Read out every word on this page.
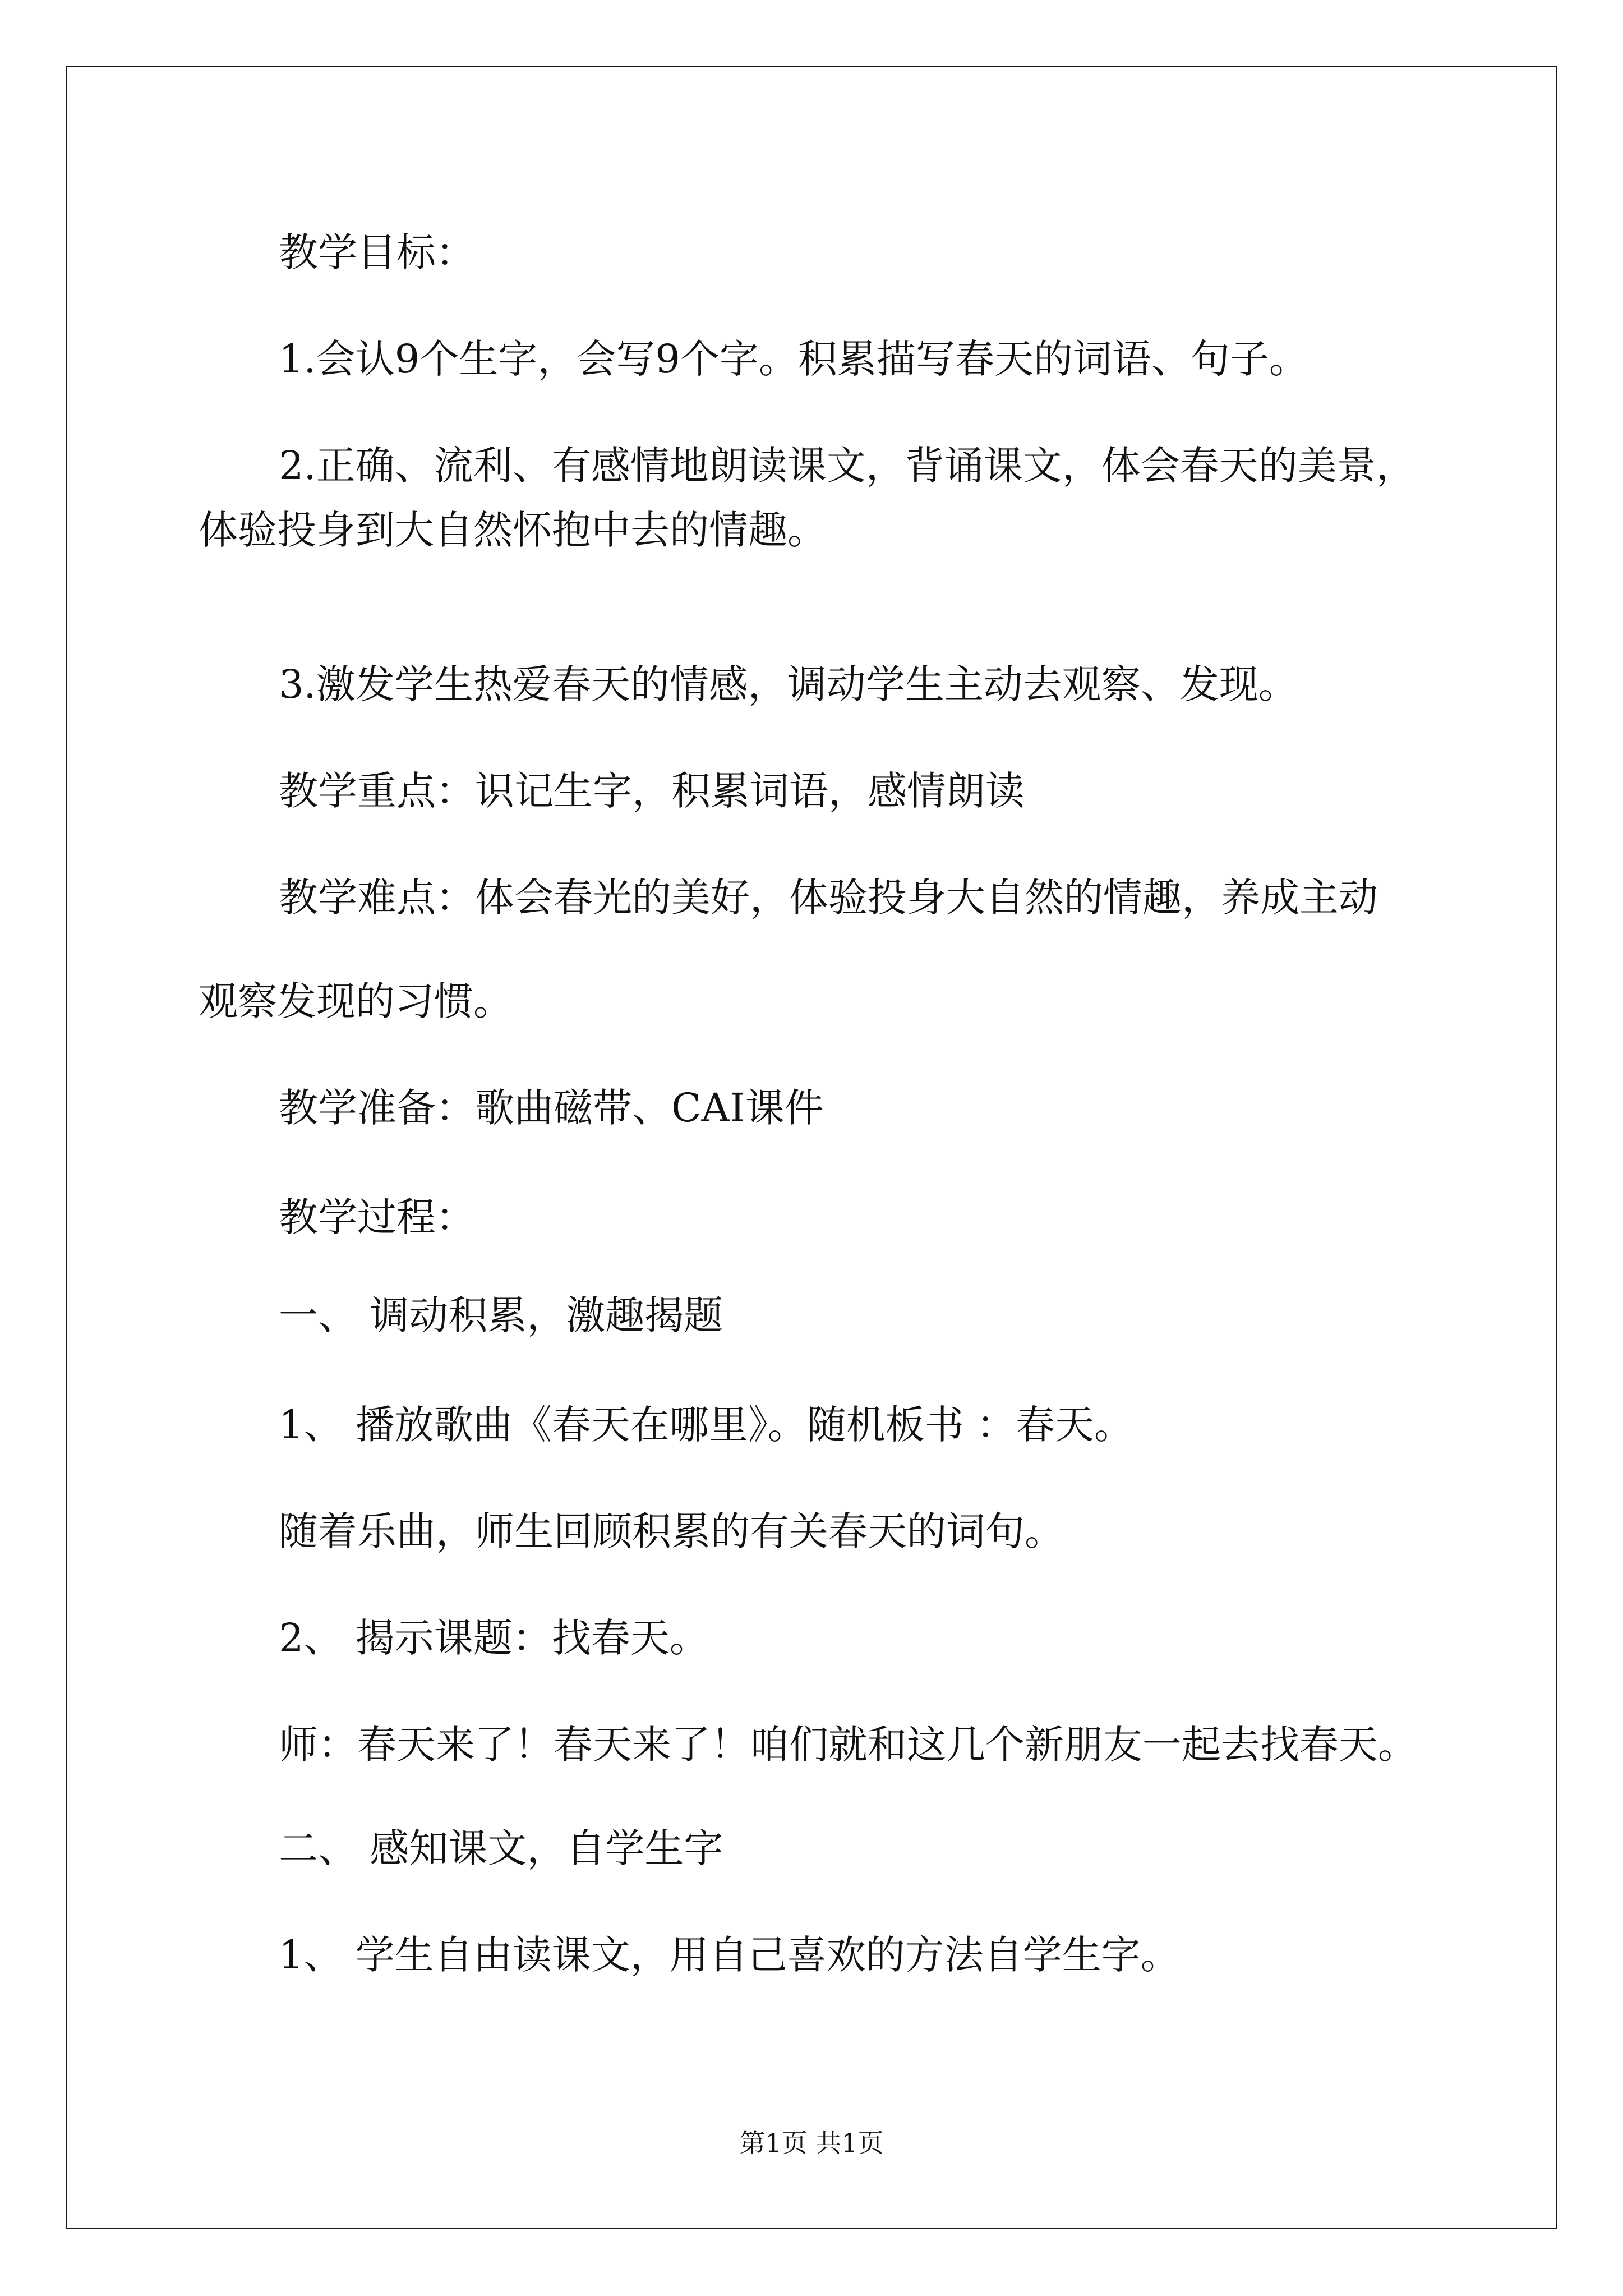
教学目标：
1.会认9个生字，会写9个字。积累描写春天的词语、句子。
2.正确、流利、有感情地朗读课文，背诵课文，体会春天的美景，
体验投身到大自然怀抱中去的情趣。
3.激发学生热爱春天的情感，调动学生主动去观察、发现。
教学重点：识记生字，积累词语，感情朗读
教学难点：体会春光的美好，体验投身大自然的情趣，养成主动
观察发现的习惯。
教学准备：歌曲磁带、CAI课件
教学过程：
一、 调动积累，激趣揭题
1、 播放歌曲《春天在哪里》。随机板书 ：春天。
随着乐曲，师生回顾积累的有关春天的词句。
2、 揭示课题：找春天。
师：春天来了！春天来了！咱们就和这几个新朋友一起去找春天。
二、 感知课文，自学生字
1、 学生自由读课文，用自己喜欢的方法自学生字。
第1页 共1页
